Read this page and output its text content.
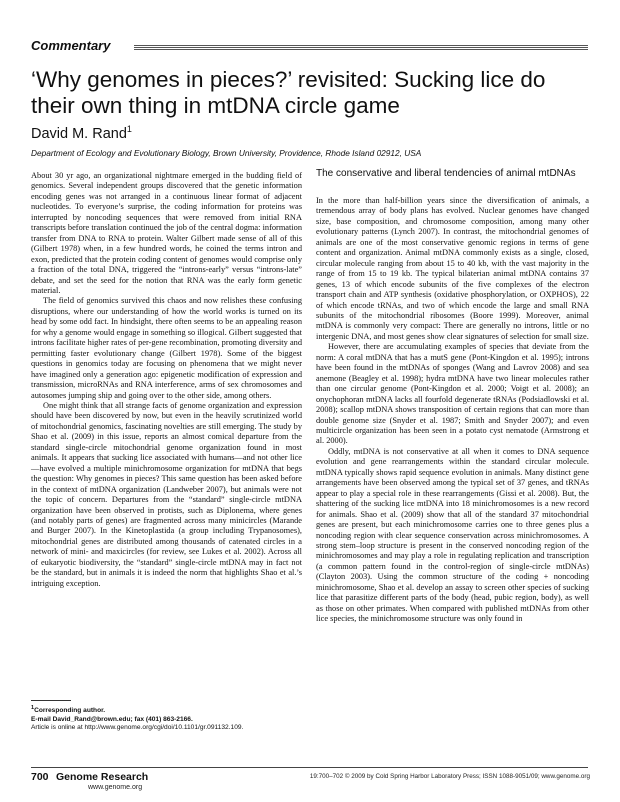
Commentary
‘Why genomes in pieces?’ revisited: Sucking lice do their own thing in mtDNA circle game
David M. Rand$^1$
Department of Ecology and Evolutionary Biology, Brown University, Providence, Rhode Island 02912, USA

About 30 yr ago, an organizational nightmare emerged in the budding field of genomics. Several independent groups discovered that the genetic information encoding genes was not arranged in a continuous linear format of adjacent nucleotides. To everyone’s surprise, the coding information for proteins was interrupted by noncoding sequences that were removed from initial RNA transcripts before translation continued the job of the central dogma: information transfer from DNA to RNA to protein. Walter Gilbert made sense of all of this (Gilbert 1978) when, in a few hundred words, he coined the terms intron and exon, predicted that the protein coding content of genomes would comprise only a fraction of the total DNA, triggered the “introns-early” versus “introns-late” debate, and set the seed for the notion that RNA was the early form genetic material.

The field of genomics survived this chaos and now relishes these confusing disruptions, where our understanding of how the world works is turned on its head by some odd fact. In hindsight, there often seems to be an appealing reason for why a genome would engage in something so illogical. Gilbert suggested that introns facilitate higher rates of per-gene recombination, promoting diversity and permitting faster evolutionary change (Gilbert 1978). Some of the biggest questions in genomics today are focusing on phenomena that we might never have imagined only a generation ago: epigenetic modification of expression and transmission, microRNAs and RNA interference, arms of sex chromosomes and autosomes jumping ship and going over to the other side, among others.

One might think that all strange facts of genome organization and expression should have been discovered by now, but even in the heavily scrutinized world of mitochondrial genomics, fascinating novelties are still emerging. The study by Shao et al. (2009) in this issue, reports an almost comical departure from the standard single-circle mitochondrial genome organization found in most animals. It appears that sucking lice associated with humans—and not other lice—have evolved a multiple minichromosome organization for mtDNA that begs the question: Why genomes in pieces? This same question has been asked before in the context of mtDNA organization (Landweber 2007), but animals were not the topic of concern. Departures from the “standard” single-circle mtDNA organization have been observed in protists, such as Diplonema, where genes (and notably parts of genes) are fragmented across many minicircles (Marande and Burger 2007). In the Kinetoplastida (a group including Trypanosomes), mitochondrial genes are distributed among thousands of catenated circles in a network of mini- and maxicircles (for review, see Lukes et al. 2002). Across all of eukaryotic biodiversity, the “standard” single-circle mtDNA may in fact not be the standard, but in animals it is indeed the norm that highlights Shao et al.’s intriguing exception.

The conservative and liberal tendencies of animal mtDNAs

In the more than half-billion years since the diversification of animals, a tremendous array of body plans has evolved. Nuclear genomes have changed size, base composition, and chromosome composition, among many other evolutionary patterns (Lynch 2007). In contrast, the mitochondrial genomes of animals are one of the most conservative genomic regions in terms of gene content and organization. Animal mtDNA commonly exists as a single, closed, circular molecule ranging from about 15 to 40 kb, with the vast majority in the range of from 15 to 19 kb. The typical bilaterian animal mtDNA contains 37 genes, 13 of which encode subunits of the five complexes of the electron transport chain and ATP synthesis (oxidative phosphorylation, or OXPHOS), 22 of which encode tRNAs, and two of which encode the large and small RNA subunits of the mitochondrial ribosomes (Boore 1999). Moreover, animal mtDNA is commonly very compact: There are generally no introns, little or no intergenic DNA, and most genes show clear signatures of selection for small size.

However, there are accumulating examples of species that deviate from the norm: A coral mtDNA that has a mutS gene (Pont-Kingdon et al. 1995); introns have been found in the mtDNAs of sponges (Wang and Lavrov 2008) and sea anemone (Beagley et al. 1998); hydra mtDNA have two linear molecules rather than one circular genome (Pont-Kingdon et al. 2000; Voigt et al. 2008); an onychophoran mtDNA lacks all fourfold degenerate tRNAs (Podsiadlowski et al. 2008); scallop mtDNA shows transposition of certain regions that can more than double genome size (Snyder et al. 1987; Smith and Snyder 2007); and even multicircle organization has been seen in a potato cyst nematode (Armstrong et al. 2000).

Oddly, mtDNA is not conservative at all when it comes to DNA sequence evolution and gene rearrangements within the standard circular molecule. mtDNA typically shows rapid sequence evolution in animals. Many distinct gene arrangements have been observed among the typical set of 37 genes, and tRNAs appear to play a special role in these rearrangements (Gissi et al. 2008). But, the shattering of the sucking lice mtDNA into 18 minichromosomes is a new record for animals. Shao et al. (2009) show that all of the standard 37 mitochondrial genes are present, but each minichromosome carries one to three genes plus a noncoding region with clear sequence conservation across minichromosomes. A strong stem–loop structure is present in the conserved noncoding region of the minichromosomes and may play a role in regulating replication and transcription (a common pattern found in the control-region of single-circle mtDNAs) (Clayton 2003). Using the common structure of the coding + noncoding minichromosome, Shao et al. develop an assay to screen other species of sucking lice that parasitize different parts of the body (head, pubic region, body), as well as those on other primates. When compared with published mtDNAs from other lice species, the minichromosome structure was only found in

$^1$Corresponding author.
E-mail David_Rand@brown.edu; fax (401) 863-2166.
Article is online at http://www.genome.org/cgi/doi/10.1101/gr.091132.109.
700 Genome Research
www.genome.org
19:700–702 © 2009 by Cold Spring Harbor Laboratory Press; ISSN 1088-9051/09; www.genome.org
